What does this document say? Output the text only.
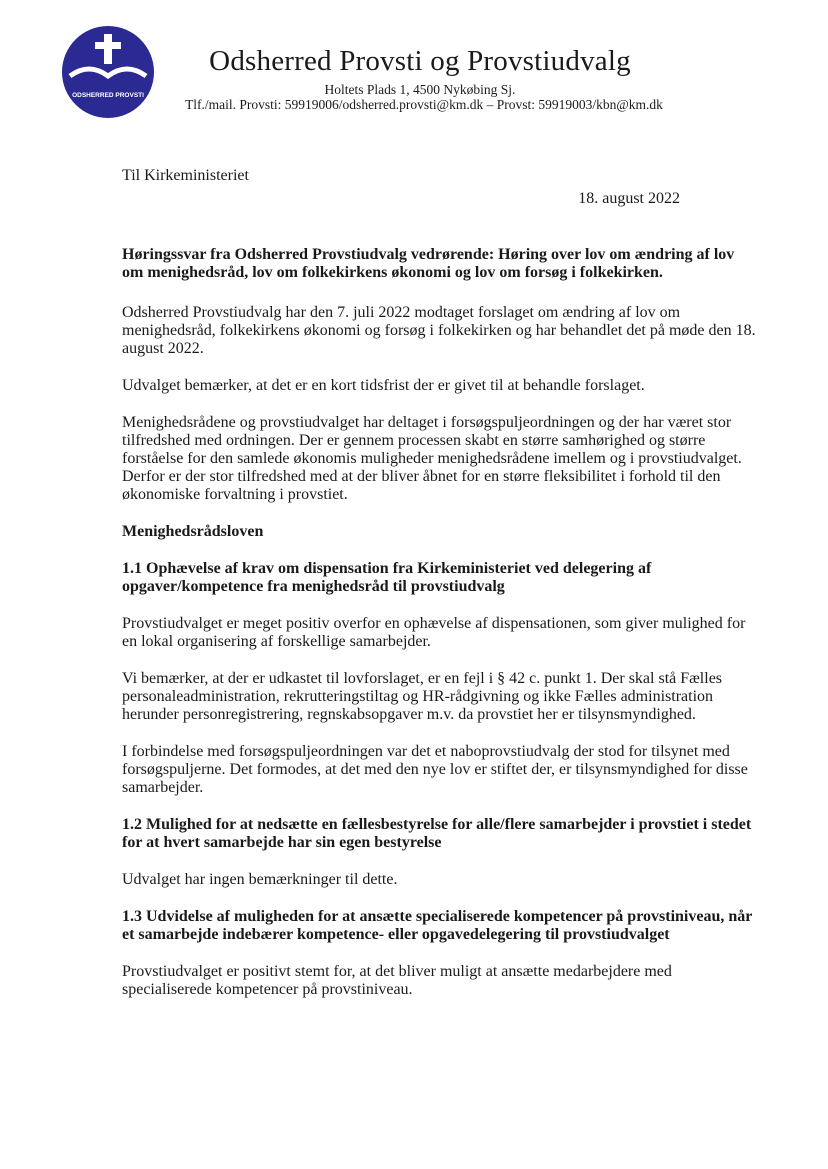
ODSHERRED PROVSTI
Odsherred Provsti og Provstiudvalg
Holtets Plads 1, 4500 Nykøbing Sj.
Tlf./mail. Provsti: 59919006/odsherred.provsti@km.dk – Provst: 59919003/kbn@km.dk
Til Kirkeministeriet
18. august 2022
Høringssvar fra Odsherred Provstiudvalg vedrørende: Høring over lov om ændring af lov om menighedsråd, lov om folkekirkens økonomi og lov om forsøg i folkekirken.

Odsherred Provstiudvalg har den 7. juli 2022 modtaget forslaget om ændring af lov om menighedsråd, folkekirkens økonomi og forsøg i folkekirken og har behandlet det på møde den 18. august 2022.

Udvalget bemærker, at det er en kort tidsfrist der er givet til at behandle forslaget.

Menighedsrådene og provstiudvalget har deltaget i forsøgspuljeordningen og der har været stor tilfredshed med ordningen. Der er gennem processen skabt en større samhørighed og større forståelse for den samlede økonomis muligheder menighedsrådene imellem og i provstiudvalget. Derfor er der stor tilfredshed med at der bliver åbnet for en større fleksibilitet i forhold til den økonomiske forvaltning i provstiet.

Menighedsrådsloven
1.1 Ophævelse af krav om dispensation fra Kirkeministeriet ved delegering af opgaver/kompetence fra menighedsråd til provstiudvalg

Provstiudvalget er meget positiv overfor en ophævelse af dispensationen, som giver mulighed for en lokal organisering af forskellige samarbejder.

Vi bemærker, at der er udkastet til lovforslaget, er en fejl i § 42 c. punkt 1. Der skal stå Fælles personaleadministration, rekrutteringstiltag og HR-rådgivning og ikke Fælles administration herunder personregistrering, regnskabsopgaver m.v. da provstiet her er tilsynsmyndighed.

I forbindelse med forsøgspuljeordningen var det et naboprovstiudvalg der stod for tilsynet med forsøgspuljerne. Det formodes, at det med den nye lov er stiftet der, er tilsynsmyndighed for disse samarbejder.

1.2 Mulighed for at nedsætte en fællesbestyrelse for alle/flere samarbejder i provstiet i stedet for at hvert samarbejde har sin egen bestyrelse

Udvalget har ingen bemærkninger til dette.

1.3 Udvidelse af muligheden for at ansætte specialiserede kompetencer på provstiniveau, når et samarbejde indebærer kompetence- eller opgavedelegering til provstiudvalget

Provstiudvalget er positivt stemt for, at det bliver muligt at ansætte medarbejdere med specialiserede kompetencer på provstiniveau.
